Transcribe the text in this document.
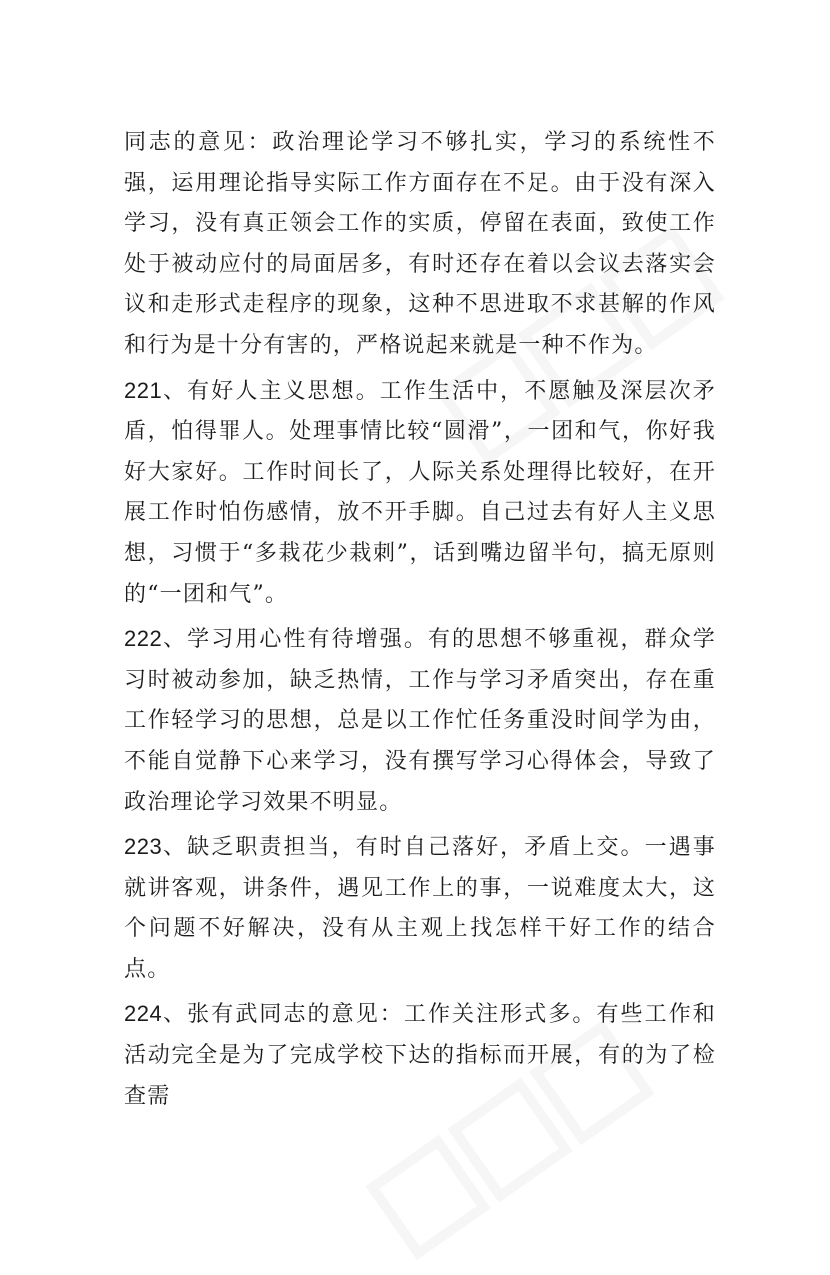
同志的意见：政治理论学习不够扎实，学习的系统性不强，运用理论指导实际工作方面存在不足。由于没有深入学习，没有真正领会工作的实质，停留在表面，致使工作处于被动应付的局面居多，有时还存在着以会议去落实会议和走形式走程序的现象，这种不思进取不求甚解的作风和行为是十分有害的，严格说起来就是一种不作为。

221、有好人主义思想。工作生活中，不愿触及深层次矛盾，怕得罪人。处理事情比较“圆滑”，一团和气，你好我好大家好。工作时间长了，人际关系处理得比较好，在开展工作时怕伤感情，放不开手脚。自己过去有好人主义思想，习惯于“多栽花少栽刺”，话到嘴边留半句，搞无原则的“一团和气”。

222、学习用心性有待增强。有的思想不够重视，群众学习时被动参加，缺乏热情，工作与学习矛盾突出，存在重工作轻学习的思想，总是以工作忙任务重没时间学为由，不能自觉静下心来学习，没有撰写学习心得体会，导致了政治理论学习效果不明显。

223、缺乏职责担当，有时自己落好，矛盾上交。一遇事就讲客观，讲条件，遇见工作上的事，一说难度太大，这个问题不好解决，没有从主观上找怎样干好工作的结合点。

224、张有武同志的意见：工作关注形式多。有些工作和活动完全是为了完成学校下达的指标而开展，有的为了检查需
